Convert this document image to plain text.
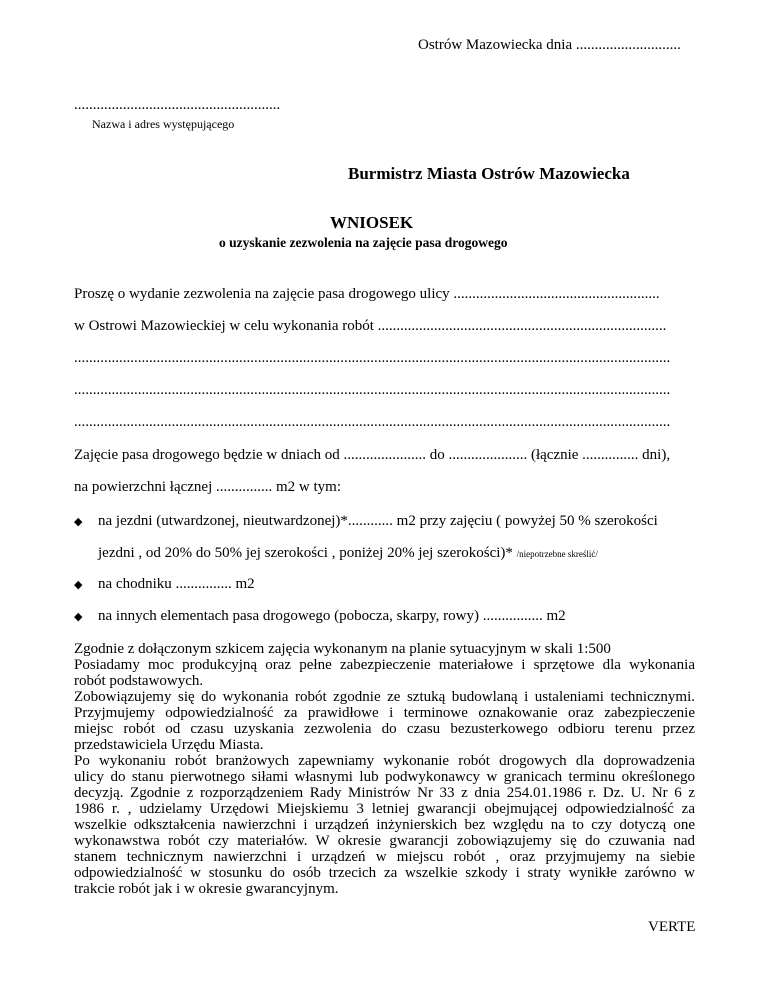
Ostrów Mazowiecka dnia ............................
.......................................................
Nazwa i adres występującego
Burmistrz Miasta Ostrów Mazowiecka
WNIOSEK
o uzyskanie zezwolenia na zajęcie pasa drogowego
Proszę o wydanie zezwolenia na zajęcie pasa drogowego ulicy .......................................................
w Ostrowi Mazowieckiej w celu wykonania robót .............................................................................
...............................................................................................................................................................
...............................................................................................................................................................
...............................................................................................................................................................
Zajęcie pasa drogowego będzie w dniach od ...................... do ..................... (łącznie ............... dni),
na powierzchni łącznej ............... m2 w tym:
◆ na jezdni (utwardzonej, nieutwardzonej)*............ m2 przy zajęciu ( powyżej 50 % szerokości
jezdni , od 20% do 50% jej szerokości , poniżej 20% jej szerokości)* /niepotrzebne skreślić/
◆ na chodniku ............... m2
◆ na innych elementach pasa drogowego (pobocza, skarpy, rowy) ................ m2
Zgodnie z dołączonym szkicem zajęcia wykonanym na planie sytuacyjnym w skali 1:500
Posiadamy moc produkcyjną oraz pełne zabezpieczenie materiałowe i sprzętowe dla wykonania
robót podstawowych.
Zobowiązujemy się do wykonania robót zgodnie ze sztuką budowlaną i ustaleniami technicznymi.
Przyjmujemy odpowiedzialność za prawidłowe i terminowe oznakowanie oraz zabezpieczenie
miejsc robót od czasu uzyskania zezwolenia do czasu bezusterkowego odbioru terenu przez
przedstawiciela Urzędu Miasta.
Po wykonaniu robót branżowych zapewniamy wykonanie robót drogowych dla doprowadzenia
ulicy do stanu pierwotnego siłami własnymi lub podwykonawcy w granicach terminu określonego
decyzją. Zgodnie z rozporządzeniem Rady Ministrów Nr 33 z dnia 254.01.1986 r. Dz. U. Nr 6 z
1986 r. , udzielamy Urzędowi Miejskiemu 3 letniej gwarancji obejmującej odpowiedzialność za
wszelkie odkształcenia nawierzchni i urządzeń inżynierskich bez względu na to czy dotyczą one
wykonawstwa robót czy materiałów. W okresie gwarancji zobowiązujemy się do czuwania nad
stanem technicznym nawierzchni i urządzeń w miejscu robót , oraz przyjmujemy na siebie
odpowiedzialność w stosunku do osób trzecich za wszelkie szkody i straty wynikłe zarówno w
trakcie robót jak i w okresie gwarancyjnym.
VERTE
